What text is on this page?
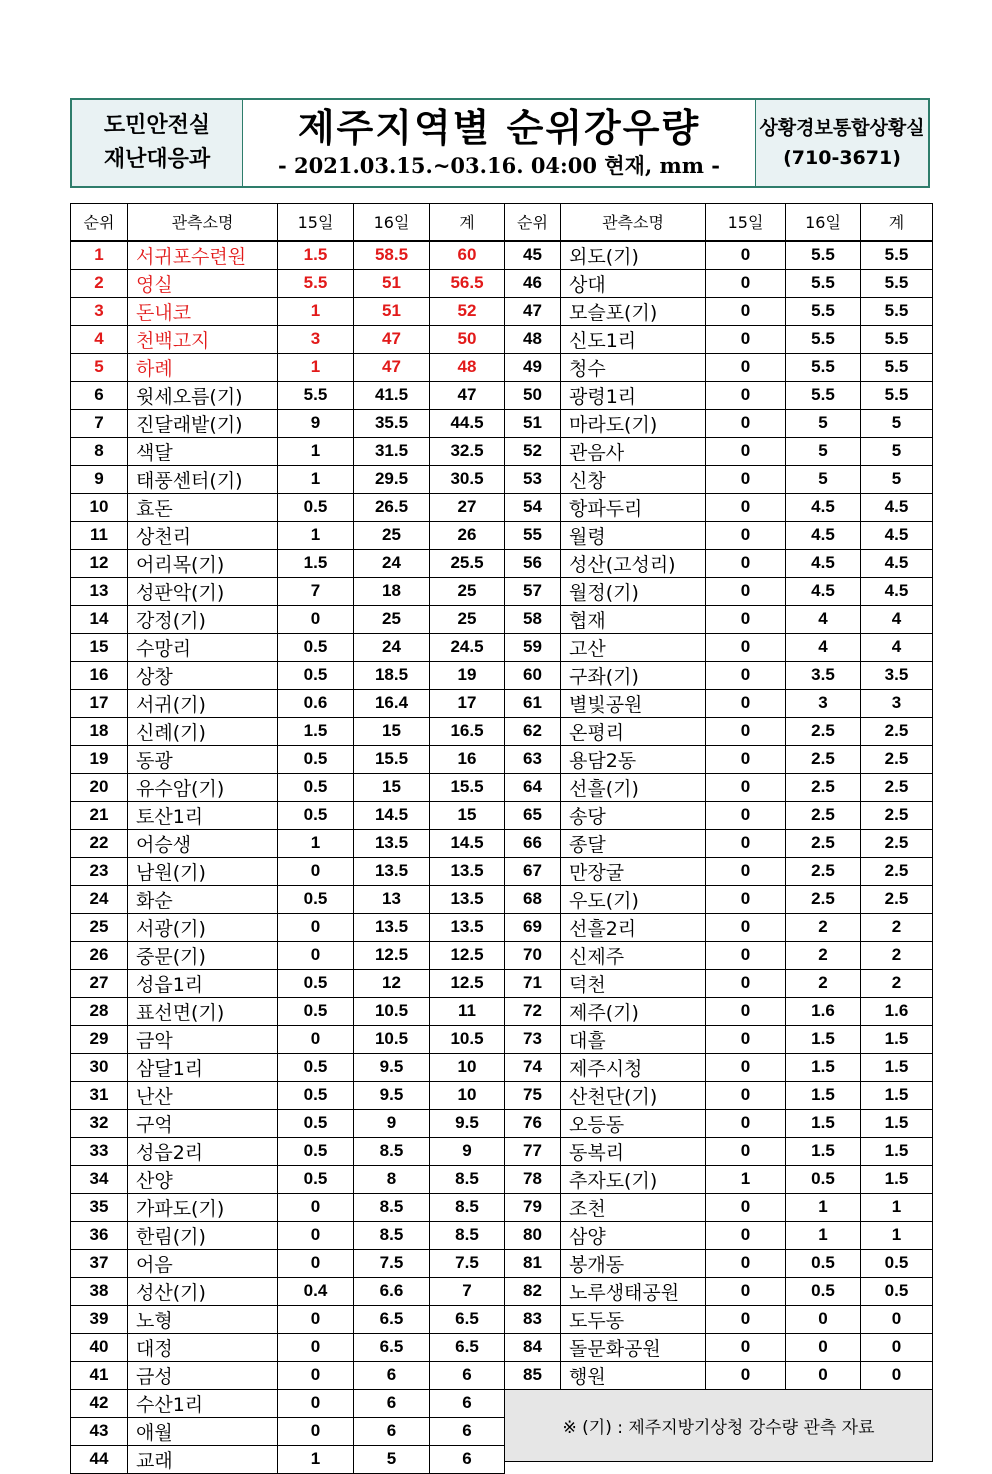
도민안전실
재난대응과
제주지역별 순위강우량
- 2021.03.15.~03.16. 04:00 현재, mm -
상황경보통합상황실
(710-3671)
순위	관측소명	15일	16일	계
1	서귀포수련원	1.5	58.5	60
2	영실	5.5	51	56.5
3	돈내코	1	51	52
4	천백고지	3	47	50
5	하례	1	47	48
6	윗세오름(기)	5.5	41.5	47
7	진달래밭(기)	9	35.5	44.5
8	색달	1	31.5	32.5
9	태풍센터(기)	1	29.5	30.5
10	효돈	0.5	26.5	27
11	상천리	1	25	26
12	어리목(기)	1.5	24	25.5
13	성판악(기)	7	18	25
14	강정(기)	0	25	25
15	수망리	0.5	24	24.5
16	상창	0.5	18.5	19
17	서귀(기)	0.6	16.4	17
18	신례(기)	1.5	15	16.5
19	동광	0.5	15.5	16
20	유수암(기)	0.5	15	15.5
21	토산1리	0.5	14.5	15
22	어승생	1	13.5	14.5
23	남원(기)	0	13.5	13.5
24	화순	0.5	13	13.5
25	서광(기)	0	13.5	13.5
26	중문(기)	0	12.5	12.5
27	성읍1리	0.5	12	12.5
28	표선면(기)	0.5	10.5	11
29	금악	0	10.5	10.5
30	삼달1리	0.5	9.5	10
31	난산	0.5	9.5	10
32	구억	0.5	9	9.5
33	성읍2리	0.5	8.5	9
34	산양	0.5	8	8.5
35	가파도(기)	0	8.5	8.5
36	한림(기)	0	8.5	8.5
37	어음	0	7.5	7.5
38	성산(기)	0.4	6.6	7
39	노형	0	6.5	6.5
40	대정	0	6.5	6.5
41	금성	0	6	6
42	수산1리	0	6	6
43	애월	0	6	6
44	교래	1	5	6
순위	관측소명	15일	16일	계
45	외도(기)	0	5.5	5.5
46	상대	0	5.5	5.5
47	모슬포(기)	0	5.5	5.5
48	신도1리	0	5.5	5.5
49	청수	0	5.5	5.5
50	광령1리	0	5.5	5.5
51	마라도(기)	0	5	5
52	관음사	0	5	5
53	신창	0	5	5
54	항파두리	0	4.5	4.5
55	월령	0	4.5	4.5
56	성산(고성리)	0	4.5	4.5
57	월정(기)	0	4.5	4.5
58	협재	0	4	4
59	고산	0	4	4
60	구좌(기)	0	3.5	3.5
61	별빛공원	0	3	3
62	온평리	0	2.5	2.5
63	용담2동	0	2.5	2.5
64	선흘(기)	0	2.5	2.5
65	송당	0	2.5	2.5
66	종달	0	2.5	2.5
67	만장굴	0	2.5	2.5
68	우도(기)	0	2.5	2.5
69	선흘2리	0	2	2
70	신제주	0	2	2
71	덕천	0	2	2
72	제주(기)	0	1.6	1.6
73	대흘	0	1.5	1.5
74	제주시청	0	1.5	1.5
75	산천단(기)	0	1.5	1.5
76	오등동	0	1.5	1.5
77	동복리	0	1.5	1.5
78	추자도(기)	1	0.5	1.5
79	조천	0	1	1
80	삼양	0	1	1
81	봉개동	0	0.5	0.5
82	노루생태공원	0	0.5	0.5
83	도두동	0	0	0
84	돌문화공원	0	0	0
85	행원	0	0	0
※ (기) : 제주지방기상청 강수량 관측 자료				
